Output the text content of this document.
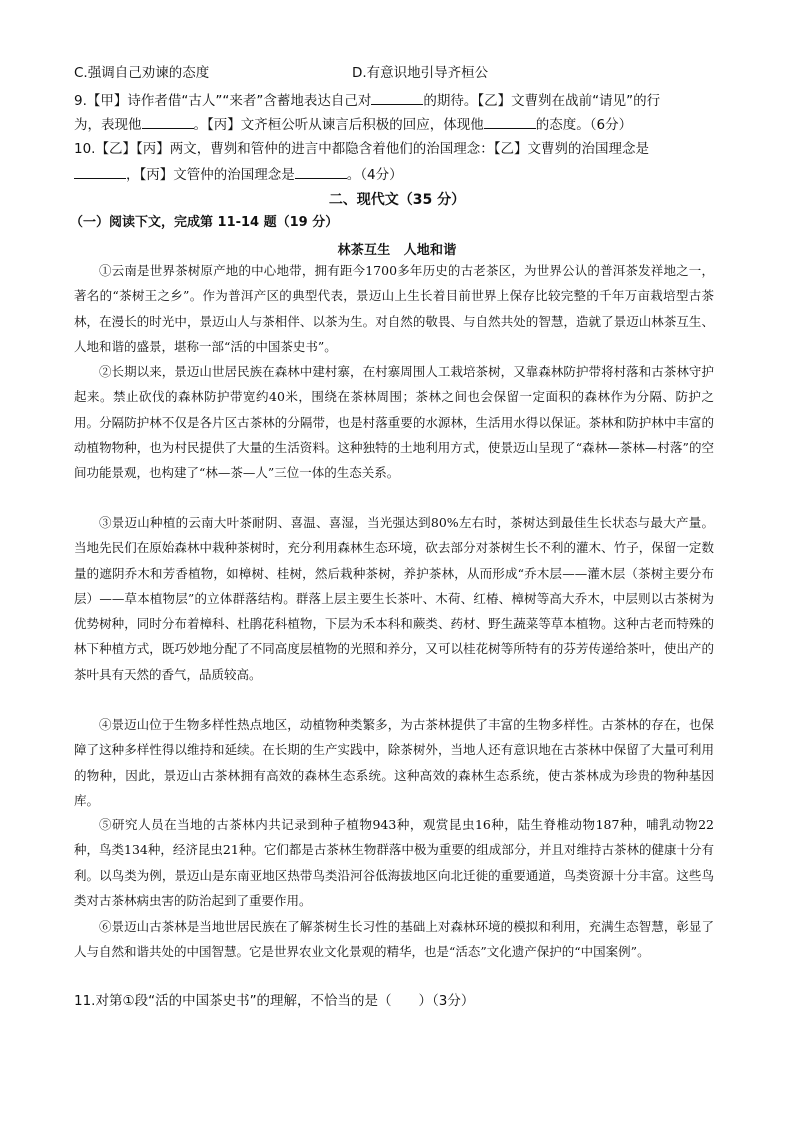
C.强调自己劝谏的态度	D.有意识地引导齐桓公
9.【甲】诗作者借“古人”“来者”含蓄地表达自己对	的期待。【乙】文曹刿在战前“请见”的行
为，表现他	。【丙】文齐桓公听从谏言后积极的回应，体现他	的态度。（6分）
10.【乙】【丙】两文，曹刿和管仲的进言中都隐含着他们的治国理念：【乙】文曹刿的治国理念是
，【丙】文管仲的治国理念是	。（4分）
二、现代文（35 分）
（一）阅读下文，完成第 11-14 题（19 分）
林茶互生　人地和谐
①云南是世界茶树原产地的中心地带，拥有距今1700多年历史的古老茶区，为世界公认的普洱茶发祥地之一，著名的“茶树王之乡”。作为普洱产区的典型代表，景迈山上生长着目前世界上保存比较完整的千年万亩栽培型古茶林，在漫长的时光中，景迈山人与茶相伴、以茶为生。对自然的敬畏、与自然共处的智慧，造就了景迈山林茶互生、人地和谐的盛景，堪称一部“活的中国茶史书”。
②长期以来，景迈山世居民族在森林中建村寨，在村寨周围人工栽培茶树，又靠森林防护带将村落和古茶林守护起来。禁止砍伐的森林防护带宽约40米，围绕在茶林周围；茶林之间也会保留一定面积的森林作为分隔、防护之用。分隔防护林不仅是各片区古茶林的分隔带，也是村落重要的水源林，生活用水得以保证。茶林和防护林中丰富的动植物物种，也为村民提供了大量的生活资料。这种独特的土地利用方式，使景迈山呈现了“森林—茶林—村落”的空间功能景观，也构建了“林—茶—人”三位一体的生态关系。
③景迈山种植的云南大叶茶耐阴、喜温、喜湿，当光强达到80%左右时，茶树达到最佳生长状态与最大产量。当地先民们在原始森林中栽种茶树时，充分利用森林生态环境，砍去部分对茶树生长不利的灌木、竹子，保留一定数量的遮阴乔木和芳香植物，如樟树、桂树，然后栽种茶树，养护茶林，从而形成“乔木层——灌木层（茶树主要分布层）——草本植物层”的立体群落结构。群落上层主要生长茶叶、木荷、红椿、樟树等高大乔木，中层则以古茶树为优势树种，同时分布着樟科、杜鹃花科植物，下层为禾本科和蕨类、药材、野生蔬菜等草本植物。这种古老而特殊的林下种植方式，既巧妙地分配了不同高度层植物的光照和养分，又可以桂花树等所特有的芬芳传递给茶叶，使出产的茶叶具有天然的香气，品质较高。
④景迈山位于生物多样性热点地区，动植物种类繁多，为古茶林提供了丰富的生物多样性。古茶林的存在，也保障了这种多样性得以维持和延续。在长期的生产实践中，除茶树外，当地人还有意识地在古茶林中保留了大量可利用的物种，因此，景迈山古茶林拥有高效的森林生态系统。这种高效的森林生态系统，使古茶林成为珍贵的物种基因库。
⑤研究人员在当地的古茶林内共记录到种子植物943种，观赏昆虫16种，陆生脊椎动物187种，哺乳动物22种，鸟类134种，经济昆虫21种。它们都是古茶林生物群落中极为重要的组成部分，并且对维持古茶林的健康十分有利。以鸟类为例，景迈山是东南亚地区热带鸟类沿河谷低海拔地区向北迁徙的重要通道，鸟类资源十分丰富。这些鸟类对古茶林病虫害的防治起到了重要作用。
⑥景迈山古茶林是当地世居民族在了解茶树生长习性的基础上对森林环境的模拟和利用，充满生态智慧，彰显了人与自然和谐共处的中国智慧。它是世界农业文化景观的精华，也是“活态”文化遗产保护的“中国案例”。
11.对第①段“活的中国茶史书”的理解，不恰当的是（　　）（3分）
